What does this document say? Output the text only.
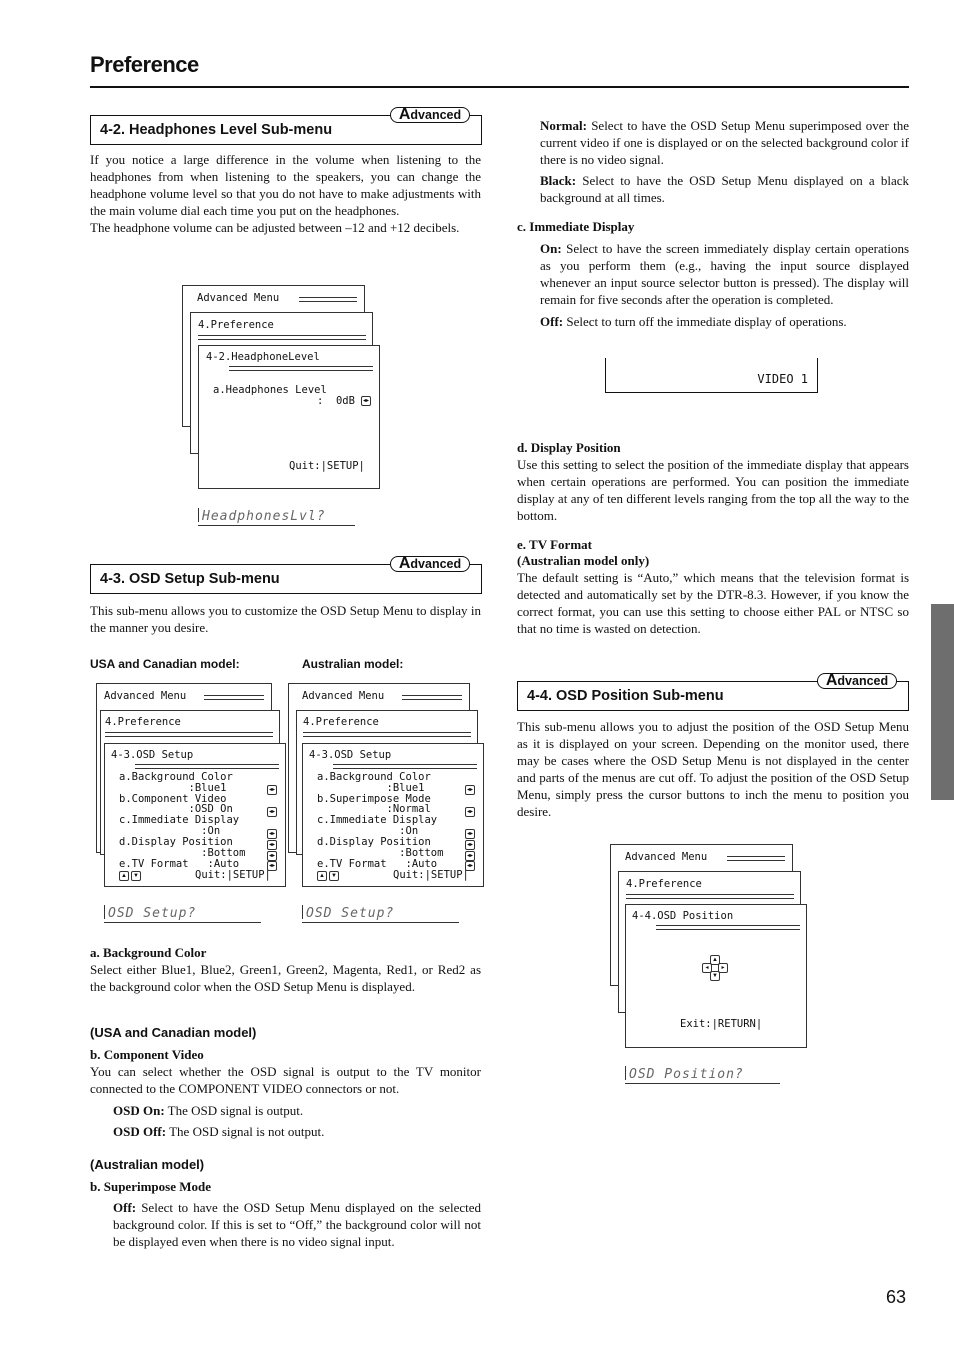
Preference
4-2. Headphones Level Sub-menu
Advanced

If you notice a large difference in the volume when listening to the headphones from when listening to the speakers, you can change the headphone volume level so that you do not have to make adjustments with the main volume dial each time you put on the headphones.

The headphone volume can be adjusted between –12 and +12 decibels.

Advanced Menu
4.Preference
4-2.HeadphoneLevel
a.Headphones Level
:  0dB	◂▸
Quit:|SETUP|
HeadphonesLvl?
4-3. OSD Setup Sub-menu
Advanced

This sub-menu allows you to customize the OSD Setup Menu to display in the manner you desire.

USA and Canadian model:	Australian model:
Advanced Menu
4.Preference
4-3.OSD Setup
a.Background Color
:Blue1
b.Component Video
:OSD On
c.Immediate Display
:On
d.Display Position
:Bottom
e.TV Format   :Auto
◂▸
◂▸
◂▸
◂▸
◂▸
◂▸
▲	▼	Quit:|SETUP|
OSD Setup?
Advanced Menu
4.Preference
4-3.OSD Setup
a.Background Color
:Blue1
b.Superimpose Mode
:Normal
c.Immediate Display
:On
d.Display Position
:Bottom
e.TV Format   :Auto
◂▸
◂▸
◂▸
◂▸
◂▸
◂▸
▲	▼	Quit:|SETUP|
OSD Setup?
a. Background Color

Select either Blue1, Blue2, Green1, Green2, Magenta, Red1, or Red2 as the background color when the OSD Setup Menu is displayed.

(USA and Canadian model)
b. Component Video

You can select whether the OSD signal is output to the TV monitor connected to the COMPONENT VIDEO connectors or not.

OSD On: The OSD signal is output.

OSD Off: The OSD signal is not output.

(Australian model)
b. Superimpose Mode

Off: Select to have the OSD Setup Menu displayed on the selected background color. If this is set to “Off,” the background color will not be displayed even when there is no video signal input.

Normal: Select to have the OSD Setup Menu superimposed over the current video if one is displayed or on the selected background color if there is no video signal.

Black: Select to have the OSD Setup Menu displayed on a black background at all times.

c. Immediate Display

On: Select to have the screen immediately display certain operations as you perform them (e.g., having the input source displayed whenever an input source selector button is pressed). The display will remain for five seconds after the operation is completed.

Off: Select to turn off the immediate display of operations.

VIDEO 1
d. Display Position

Use this setting to select the position of the immediate display that appears when certain operations are performed. You can position the immediate display at any of ten different levels ranging from the top all the way to the bottom.

e. TV Format
(Australian model only)

The default setting is “Auto,” which means that the television format is detected and automatically set by the DTR-8.3. However, if you know the correct format, you can use this setting to choose either PAL or NTSC so that no time is wasted on detection.

4-4. OSD Position Sub-menu
Advanced

This sub-menu allows you to adjust the position of the OSD Setup Menu as it is displayed on your screen. Depending on the monitor used, there may be cases where the OSD Setup Menu is not displayed in the center and parts of the menus are cut off. To adjust the position of the OSD Setup Menu, simply press the cursor buttons to inch the menu to position you desire.

Advanced Menu
4.Preference
4-4.OSD Position
▲
◂	▸
▼
Exit:|RETURN|
OSD Position?
63
